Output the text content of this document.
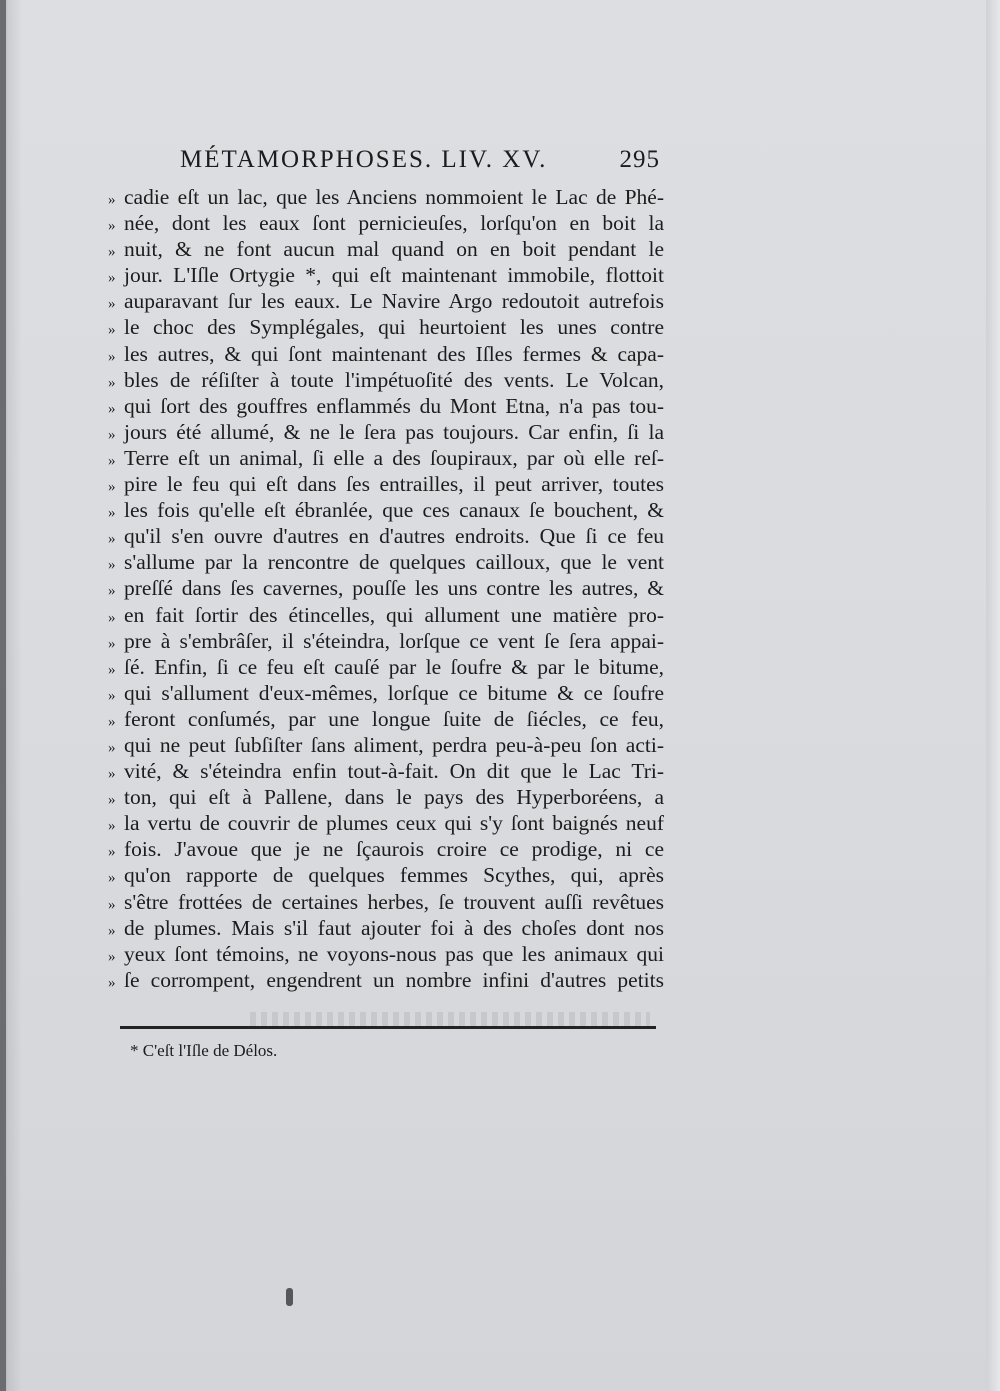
MÉTAMORPHOSES. LIV. XV.	295
» cadie eſt un lac, que les Anciens nommoient le Lac de Phé-
» née, dont les eaux ſont pernicieuſes, lorſqu'on en boit la
» nuit, & ne font aucun mal quand on en boit pendant le
» jour. L'Iſle Ortygie *, qui eſt maintenant immobile, flottoit
» auparavant ſur les eaux. Le Navire Argo redoutoit autrefois
» le choc des Symplégales, qui heurtoient les unes contre
» les autres, & qui ſont maintenant des Iſles fermes & capa-
» bles de réſiſter à toute l'impétuoſité des vents. Le Volcan,
» qui ſort des gouffres enflammés du Mont Etna, n'a pas tou-
» jours été allumé, & ne le ſera pas toujours. Car enfin, ſi la
» Terre eſt un animal, ſi elle a des ſoupiraux, par où elle reſ-
» pire le feu qui eſt dans ſes entrailles, il peut arriver, toutes
» les fois qu'elle eſt ébranlée, que ces canaux ſe bouchent, &
» qu'il s'en ouvre d'autres en d'autres endroits. Que ſi ce feu
» s'allume par la rencontre de quelques cailloux, que le vent
» preſſé dans ſes cavernes, pouſſe les uns contre les autres, &
» en fait ſortir des étincelles, qui allument une matière pro-
» pre à s'embrâſer, il s'éteindra, lorſque ce vent ſe ſera appai-
» ſé. Enfin, ſi ce feu eſt cauſé par le ſoufre & par le bitume,
» qui s'allument d'eux-mêmes, lorſque ce bitume & ce ſoufre
» feront conſumés, par une longue ſuite de ſiécles, ce feu,
» qui ne peut ſubſiſter ſans aliment, perdra peu-à-peu ſon acti-
» vité, & s'éteindra enfin tout-à-fait. On dit que le Lac Tri-
» ton, qui eſt à Pallene, dans le pays des Hyperboréens, a
» la vertu de couvrir de plumes ceux qui s'y ſont baignés neuf
» fois. J'avoue que je ne ſçaurois croire ce prodige, ni ce
» qu'on rapporte de quelques femmes Scythes, qui, après
» s'être frottées de certaines herbes, ſe trouvent auſſi revêtues
» de plumes. Mais s'il faut ajouter foi à des choſes dont nos
» yeux ſont témoins, ne voyons-nous pas que les animaux qui
» ſe corrompent, engendrent un nombre infini d'autres petits
* C'eſt l'Iſle de Délos.
